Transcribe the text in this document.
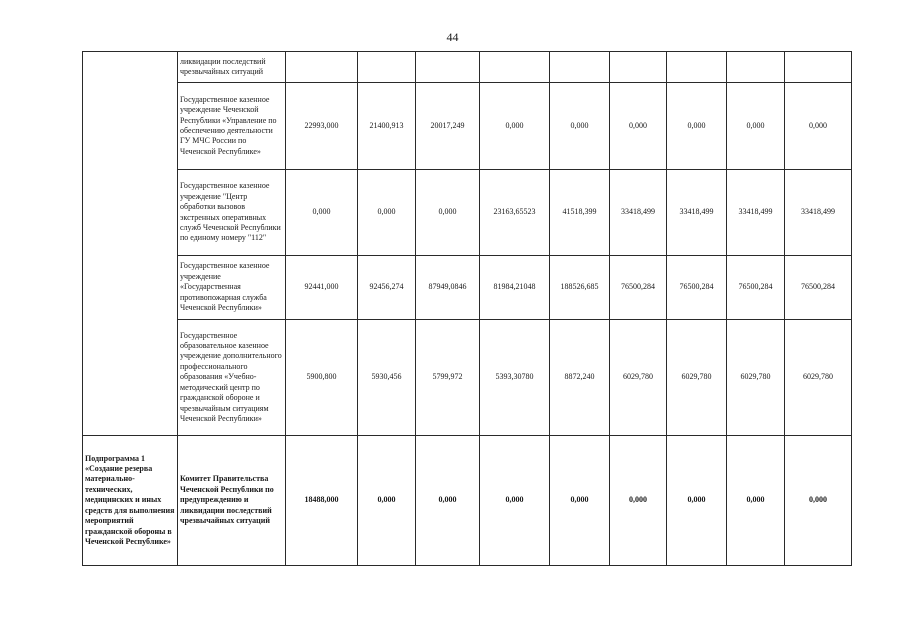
44
	ликвидации последствий чрезвычайных ситуаций									
	Государственное казенное учреждение Чеченской Республики «Управление по обеспечению деятельности ГУ МЧС России по Чеченской Республике»	22993,000	21400,913	20017,249	0,000	0,000	0,000	0,000	0,000	0,000
	Государственное казенное учреждение "Центр обработки вызовов экстренных оперативных служб Чеченской Республики по единому номеру "112"	0,000	0,000	0,000	23163,65523	41518,399	33418,499	33418,499	33418,499	33418,499
	Государственное казенное учреждение «Государственная противопожарная служба Чеченской Республики»	92441,000	92456,274	87949,0846	81984,21048	188526,685	76500,284	76500,284	76500,284	76500,284
	Государственное образовательное казенное учреждение дополнительного профессионального образования «Учебно-методический центр по гражданской обороне и чрезвычайным ситуациям Чеченской Республики»	5900,800	5930,456	5799,972	5393,30780	8872,240	6029,780	6029,780	6029,780	6029,780
Подпрограмма 1 «Создание резерва материально-технических, медицинских и иных средств для выполнения мероприятий гражданской обороны в Чеченской Республике»	Комитет Правительства Чеченской Республики по предупреждению и ликвидации последствий чрезвычайных ситуаций	18488,000	0,000	0,000	0,000	0,000	0,000	0,000	0,000	0,000
